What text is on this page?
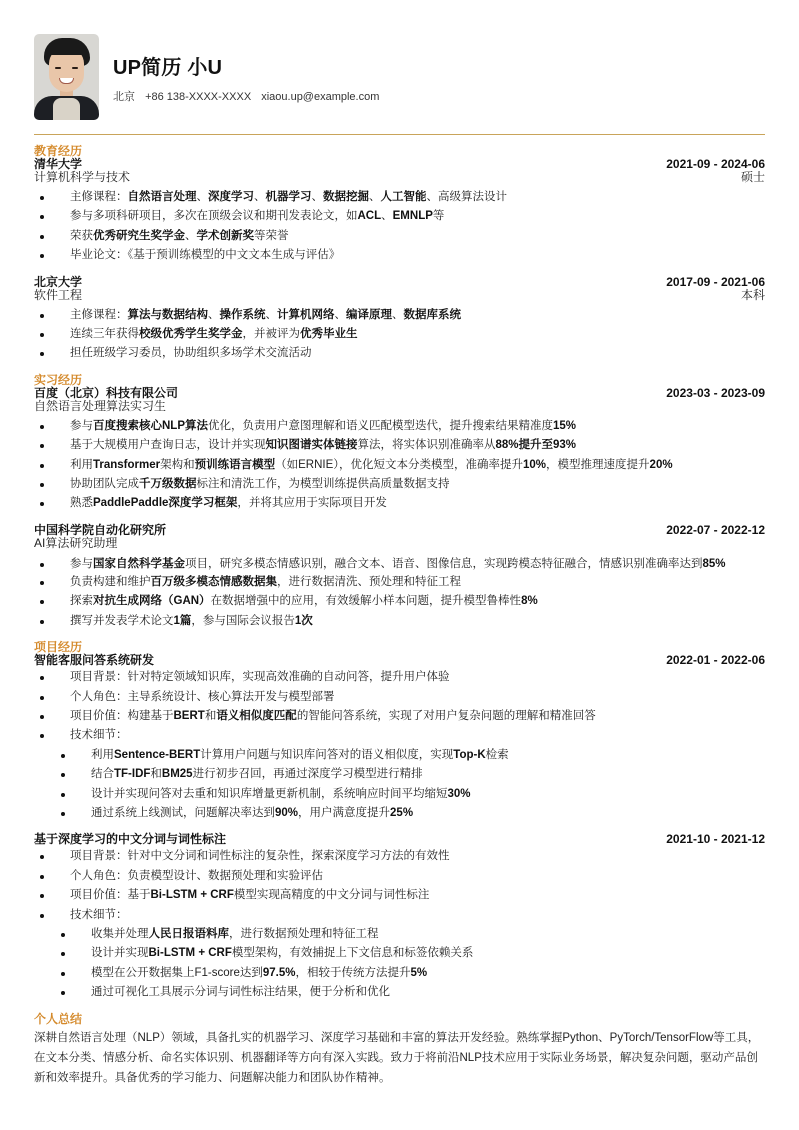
UP简历 小U
北京 +86 138-XXXX-XXXX xiaou.up@example.com
教育经历
清华大学	2021-09 - 2024-06
计算机科学与技术	硕士
主修课程：自然语言处理、深度学习、机器学习、数据挖掘、人工智能、高级算法设计
参与多项科研项目，多次在顶级会议和期刊发表论文，如ACL、EMNLP等
荣获优秀研究生奖学金、学术创新奖等荣誉
毕业论文：《基于预训练模型的中文文本生成与评估》
北京大学	2017-09 - 2021-06
软件工程	本科
主修课程：算法与数据结构、操作系统、计算机网络、编译原理、数据库系统
连续三年获得校级优秀学生奖学金，并被评为优秀毕业生
担任班级学习委员，协助组织多场学术交流活动
实习经历
百度（北京）科技有限公司	2023-03 - 2023-09
自然语言处理算法实习生
参与百度搜索核心NLP算法优化，负责用户意图理解和语义匹配模型迭代，提升搜索结果精准度15%
基于大规模用户查询日志，设计并实现知识图谱实体链接算法，将实体识别准确率从88%提升至93%
利用Transformer架构和预训练语言模型（如ERNIE），优化短文本分类模型，准确率提升10%，模型推理速度提升20%
协助团队完成千万级数据标注和清洗工作，为模型训练提供高质量数据支持
熟悉PaddlePaddle深度学习框架，并将其应用于实际项目开发
中国科学院自动化研究所	2022-07 - 2022-12
AI算法研究助理
参与国家自然科学基金项目，研究多模态情感识别，融合文本、语音、图像信息，实现跨模态特征融合，情感识别准确率达到85%
负责构建和维护百万级多模态情感数据集，进行数据清洗、预处理和特征工程
探索对抗生成网络（GAN）在数据增强中的应用，有效缓解小样本问题，提升模型鲁棒性8%
撰写并发表学术论文1篇，参与国际会议报告1次
项目经历
智能客服问答系统研发	2022-01 - 2022-06
项目背景：针对特定领域知识库，实现高效准确的自动问答，提升用户体验
个人角色：主导系统设计、核心算法开发与模型部署
项目价值：构建基于BERT和语义相似度匹配的智能问答系统，实现了对用户复杂问题的理解和精准回答
技术细节：
利用Sentence-BERT计算用户问题与知识库问答对的语义相似度，实现Top-K检索
结合TF-IDF和BM25进行初步召回，再通过深度学习模型进行精排
设计并实现问答对去重和知识库增量更新机制，系统响应时间平均缩短30%
通过系统上线测试，问题解决率达到90%，用户满意度提升25%
基于深度学习的中文分词与词性标注	2021-10 - 2021-12
项目背景：针对中文分词和词性标注的复杂性，探索深度学习方法的有效性
个人角色：负责模型设计、数据预处理和实验评估
项目价值：基于Bi-LSTM + CRF模型实现高精度的中文分词与词性标注
技术细节：
收集并处理人民日报语料库，进行数据预处理和特征工程
设计并实现Bi-LSTM + CRF模型架构，有效捕捉上下文信息和标签依赖关系
模型在公开数据集上F1-score达到97.5%，相较于传统方法提升5%
通过可视化工具展示分词与词性标注结果，便于分析和优化
个人总结
深耕自然语言处理（NLP）领域，具备扎实的机器学习、深度学习基础和丰富的算法开发经验。熟练掌握Python、PyTorch/TensorFlow等工具，在文本分类、情感分析、命名实体识别、机器翻译等方向有深入实践。致力于将前沿NLP技术应用于实际业务场景，解决复杂问题，驱动产品创新和效率提升。具备优秀的学习能力、问题解决能力和团队协作精神。
